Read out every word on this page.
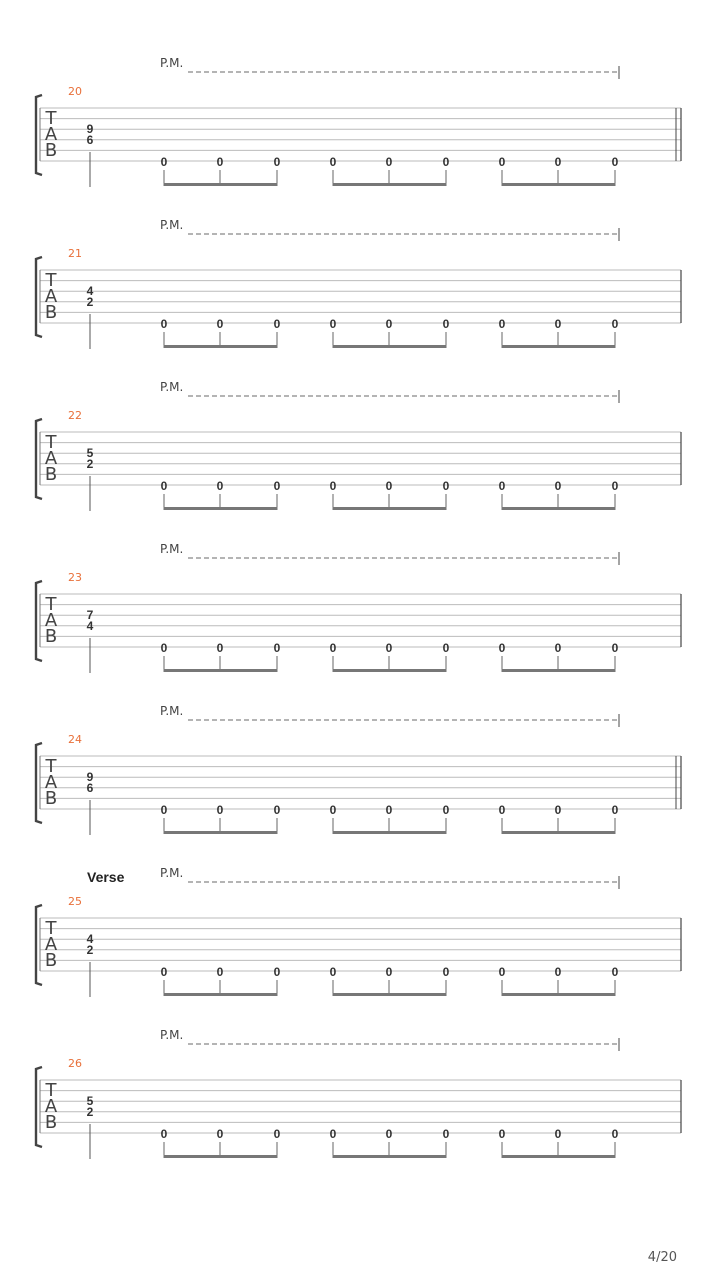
P.M.
20
T
A
B
9
6
0	0	0	0	0	0	0	0	0
P.M.
21
T
A
B
4
2
0	0	0	0	0	0	0	0	0
P.M.
22
T
A
B
5
2
0	0	0	0	0	0	0	0	0
P.M.
23
T
A
B
7
4
0	0	0	0	0	0	0	0	0
P.M.
24
T
A
B
9
6
0	0	0	0	0	0	0	0	0
Verse	P.M.
25
T
A
B
4
2
0	0	0	0	0	0	0	0	0
P.M.
26
T
A
B
5
2
0	0	0	0	0	0	0	0	0
4/20
